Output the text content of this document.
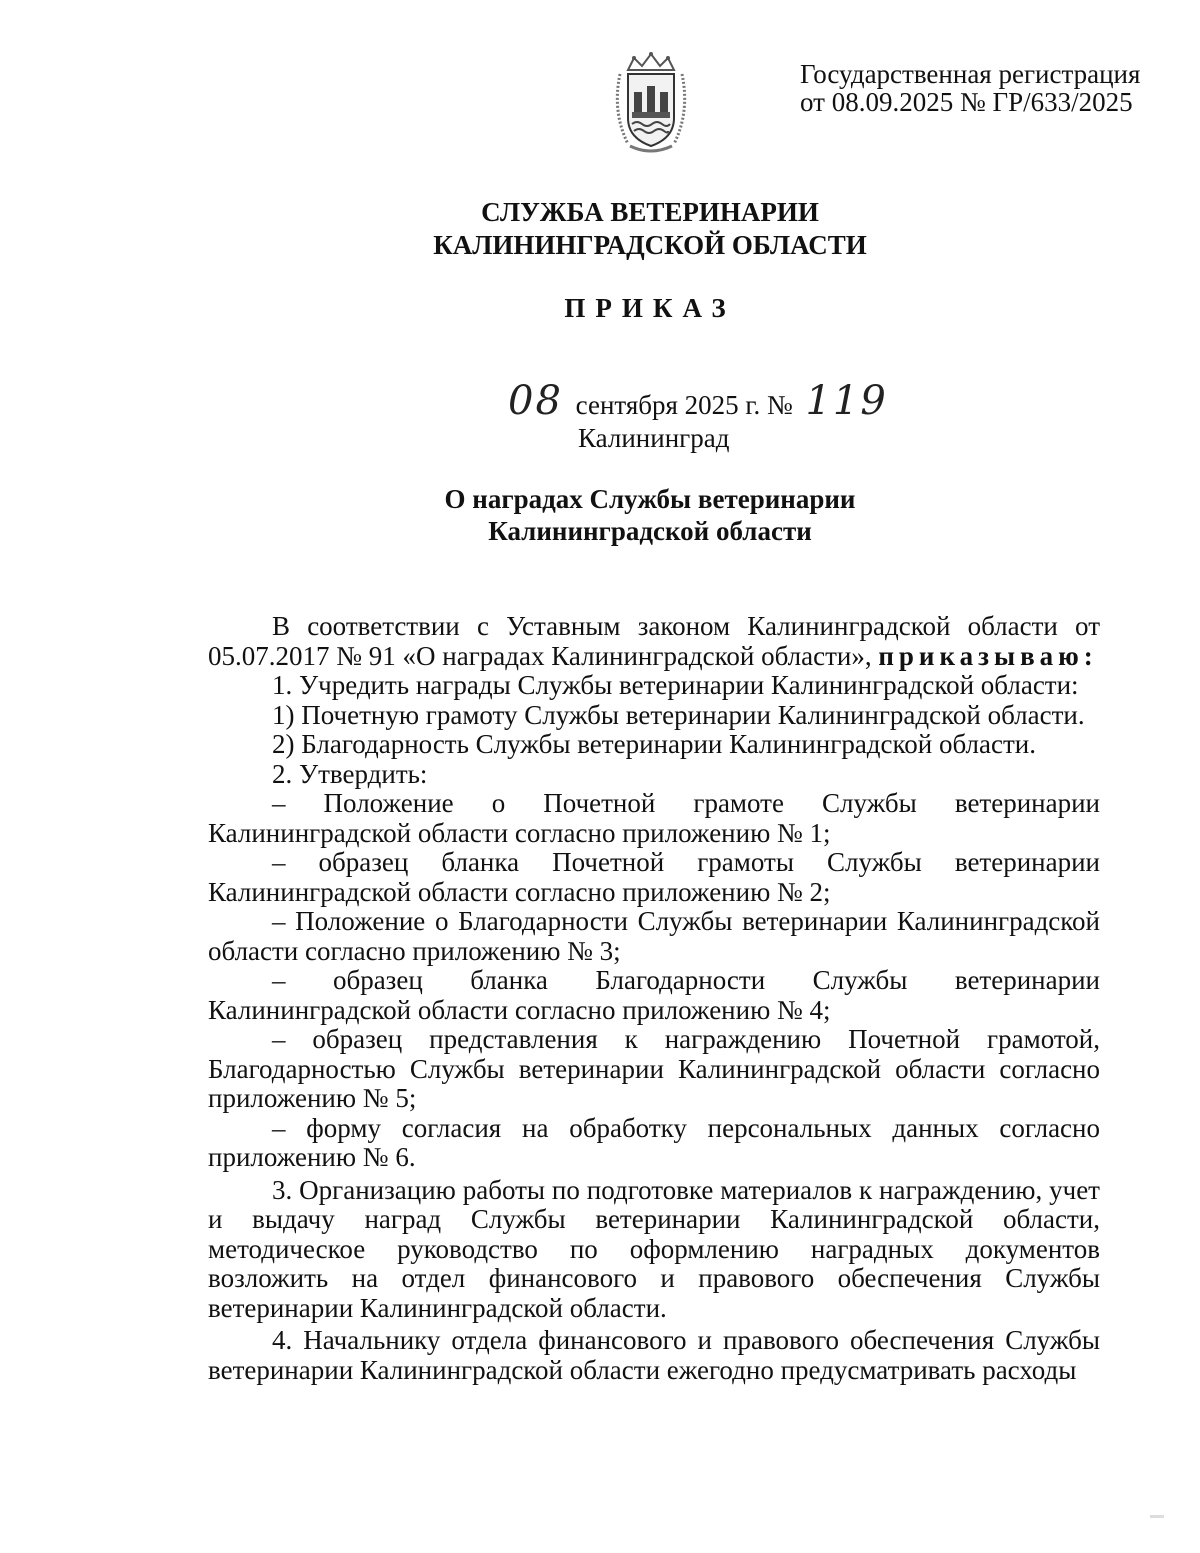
Государственная регистрация
от 08.09.2025 № ГР/633/2025
СЛУЖБА ВЕТЕРИНАРИИ
КАЛИНИНГРАДСКОЙ ОБЛАСТИ
ПРИКАЗ
08 сентября 2025 г. № 119
Калининград
О наградах Службы ветеринарии
Калининградской области

В соответствии с Уставным законом Калининградской области от 05.07.2017 № 91 «О наградах Калининградской области», приказываю:

1. Учредить награды Службы ветеринарии Калининградской области:

1) Почетную грамоту Службы ветеринарии Калининградской области.

2) Благодарность Службы ветеринарии Калининградской области.

2. Утвердить:

– Положение о Почетной грамоте Службы ветеринарии Калининградской области согласно приложению № 1;

– образец бланка Почетной грамоты Службы ветеринарии Калининградской области согласно приложению № 2;

– Положение о Благодарности Службы ветеринарии Калининградской области согласно приложению № 3;

– образец бланка Благодарности Службы ветеринарии Калининградской области согласно приложению № 4;

– образец представления к награждению Почетной грамотой, Благодарностью Службы ветеринарии Калининградской области согласно приложению № 5;

– форму согласия на обработку персональных данных согласно приложению № 6.

3. Организацию работы по подготовке материалов к награждению, учет и выдачу наград Службы ветеринарии Калининградской области, методическое руководство по оформлению наградных документов возложить на отдел финансового и правового обеспечения Службы ветеринарии Калининградской области.

4. Начальнику отдела финансового и правового обеспечения Службы ветеринарии Калининградской области ежегодно предусматривать расходы
